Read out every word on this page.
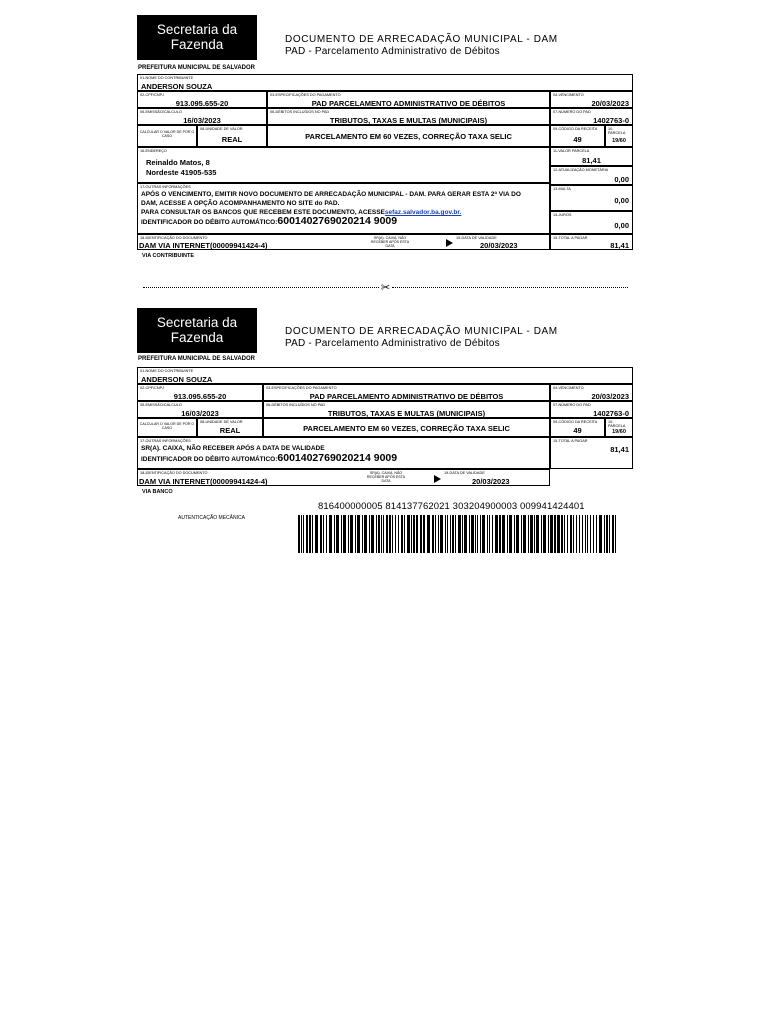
Secretaria da
Fazenda	DOCUMENTO DE ARRECADAÇÃO MUNICIPAL - DAM
PAD - Parcelamento Administrativo de Débitos
PREFEITURA MUNICIPAL DE SALVADOR
01-NOME DO CONTRIBUINTE
ANDERSON SOUZA
02-CPF/CNPJ
913.095.655-20
03-ESPECIFICAÇÕES DO PAGAMENTO
PAD PARCELAMENTO ADMINISTRATIVO DE DÉBITOS
04-VENCIMENTO
20/03/2023
05-EMISSÃO/CÁLCULO
16/03/2023
06-DÉBITOS INCLUÍDOS NO PAD
TRIBUTOS, TAXAS E MULTAS (MUNICIPAIS)
07-NÚMERO DO PAD
1402763-0
CALCULAR O VALOR DE POR O CASO
08-UNIDADE DE VALOR
REAL	PARCELAMENTO EM 60 VEZES, CORREÇÃO TAXA SELIC
09-CÓDIGO DA RECEITA
49
10-PARCELA
19/60
16-ENDEREÇO
Reinaldo Matos, 8
Nordeste 41905-535
11-VALOR PARCELA
81,41
12-ATUALIZAÇÃO MONETÁRIA
0,00
17-OUTRAS INFORMAÇÕES
APÓS O VENCIMENTO, EMITIR NOVO DOCUMENTO DE ARRECADAÇÃO MUNICIPAL - DAM. PARA GERAR ESTA 2ª VIA DO
DAM, ACESSE A OPÇÃO ACOMPANHAMENTO NO SITE do PAD.
PARA CONSULTAR OS BANCOS QUE RECEBEM ESTE DOCUMENTO, ACESSEsefaz.salvador.ba.gov.br.
IDENTIFICADOR DO DÉBITO AUTOMÁTICO:6001402769020214 9009
13-MULTA
0,00
14-JUROS
0,00
18-IDENTIFICAÇÃO DO DOCUMENTO
DAM VIA INTERNET(00009941424-4)
SR(A). CAIXA, NÃO RECEBER APÓS ESTA DATA
19-DATA DE VALIDADE
20/03/2023
15-TOTAL A PAGAR
81,41
VIA CONTRIBUINTE
✂
Secretaria da
Fazenda	DOCUMENTO DE ARRECADAÇÃO MUNICIPAL - DAM
PAD - Parcelamento Administrativo de Débitos
PREFEITURA MUNICIPAL DE SALVADOR
01-NOME DO CONTRIBUINTE
ANDERSON SOUZA
02-CPF/CNPJ
913.095.655-20
03-ESPECIFICAÇÕES DO PAGAMENTO
PAD PARCELAMENTO ADMINISTRATIVO DE DÉBITOS
04-VENCIMENTO
20/03/2023
05-EMISSÃO/CÁLCULO
16/03/2023
06-DÉBITOS INCLUÍDOS NO PAD
TRIBUTOS, TAXAS E MULTAS (MUNICIPAIS)
07-NÚMERO DO PAD
1402763-0
CALCULAR O VALOR DE POR O CASO
08-UNIDADE DE VALOR
REAL	PARCELAMENTO EM 60 VEZES, CORREÇÃO TAXA SELIC
09-CÓDIGO DA RECEITA
49
10-PARCELA
19/60
17-OUTRAS INFORMAÇÕES
SR(A). CAIXA, NÃO RECEBER APÓS A DATA DE VALIDADE
IDENTIFICADOR DO DÉBITO AUTOMÁTICO:6001402769020214 9009
15-TOTAL A PAGAR
81,41
18-IDENTIFICAÇÃO DO DOCUMENTO
DAM VIA INTERNET(00009941424-4)
SR(A). CAIXA, NÃO RECEBER APÓS ESTA DATA
19-DATA DE VALIDADE
20/03/2023
VIA BANCO
AUTENTICAÇÃO MECÂNICA
816400000005 814137762021 303204900003 009941424401
